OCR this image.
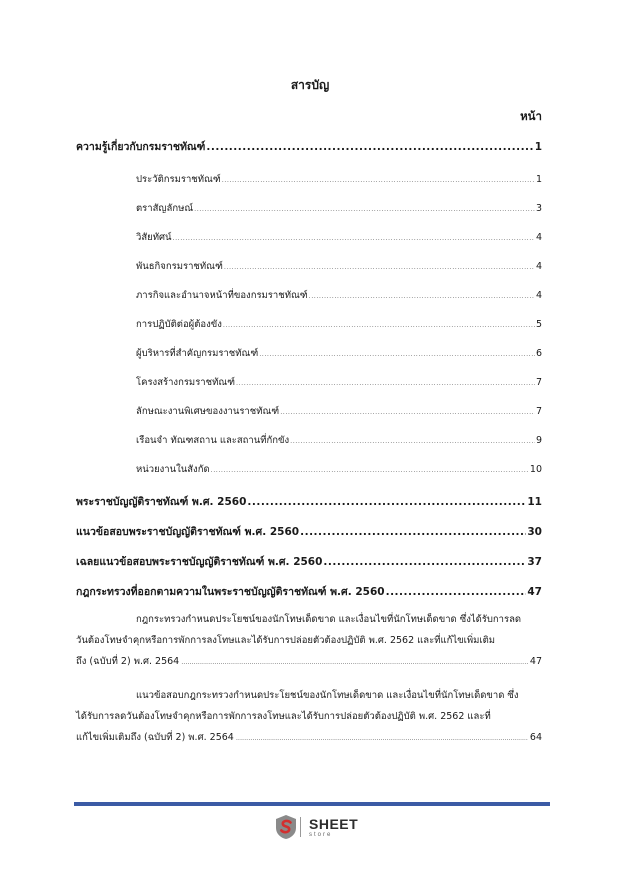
สารบัญ
หน้า
ความรู้เกี่ยวกับกรมราชทัณฑ์ .....	1
ประวัติกรมราชทัณฑ์ .....	1
ตราสัญลักษณ์ .....	3
วิสัยทัศน์ .....	4
พันธกิจกรมราชทัณฑ์ .....	4
ภารกิจและอำนาจหน้าที่ของกรมราชทัณฑ์ .....	4
การปฏิบัติต่อผู้ต้องขัง .....	5
ผู้บริหารที่สำคัญกรมราชทัณฑ์ .....	6
โครงสร้างกรมราชทัณฑ์ .....	7
ลักษณะงานพิเศษของงานราชทัณฑ์ .....	7
เรือนจำ ทัณฑสถาน และสถานที่กักขัง .....	9
หน่วยงานในสังกัด .....	10
พระราชบัญญัติราชทัณฑ์ พ.ศ. 2560 .....	11
แนวข้อสอบพระราชบัญญัติราชทัณฑ์ พ.ศ. 2560 .....	30
เฉลยแนวข้อสอบพระราชบัญญัติราชทัณฑ์ พ.ศ. 2560 .....	37
กฎกระทรวงที่ออกตามความในพระราชบัญญัติราชทัณฑ์ พ.ศ. 2560 .....	47
กฎกระทรวงกำหนดประโยชน์ของนักโทษเด็ดขาด และเงื่อนไขที่นักโทษเด็ดขาด ซึ่งได้รับการลด
วันต้องโทษจำคุกหรือการพักการลงโทษและได้รับการปล่อยตัวต้องปฏิบัติ พ.ศ. 2562 และที่แก้ไขเพิ่มเติม
ถึง (ฉบับที่ 2) พ.ศ. 2564 .....	47
แนวข้อสอบกฎกระทรวงกำหนดประโยชน์ของนักโทษเด็ดขาด และเงื่อนไขที่นักโทษเด็ดขาด ซึ่ง
ได้รับการลดวันต้องโทษจำคุกหรือการพักการลงโทษและได้รับการปล่อยตัวต้องปฏิบัติ พ.ศ. 2562 และที่
แก้ไขเพิ่มเติมถึง (ฉบับที่ 2) พ.ศ. 2564 .....	64
SHEET
store
